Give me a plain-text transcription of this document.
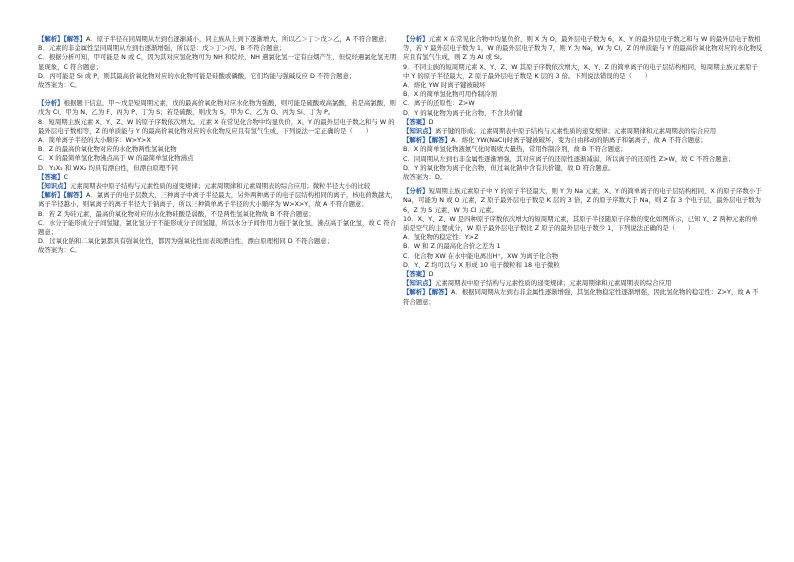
【解析】【解答】A．原子半径在同周期从左到右逐渐减小，同主族从上到下逐渐增大，所以乙＞丁＞戊＞乙，A 不符合题意；

B．元素的非金属性呈同周期从左到右逐渐增强，所以是：戊＞丁＞丙，B 不符合题意；

C．根据分析可知，甲可能是 N 或 C，因为其对应氢化物可为 NH 和烷烃，NH 遇氯化氢一定有白烟产生，但烷烃遇氯化氢无明显现象，C 符合题意；

D．丙可能是 Si 或 P，则其最高价氧化物对应的水化物可能是硅酸或磷酸，它们均能与强碱反应 D 不符合题意；

故答案为：C。

【分析】根据题干信息，甲～戊是短周期元素，戊的最高价氧化物对应水化物为强酸，则可能是硫酸或高氯酸，若是高氯酸，则戊为 Cl，甲为 N、乙为 F、丙为 P、丁为 S；若是硫酸，则戊为 S，甲为 C、乙为 O、丙为 Si、丁为 P。

8．短周期主族元素 X、Y、Z、W 的原子序数依次增大。元素 X 在常见化合物中均显负价，X、Y 的最外层电子数之和与 W 的最外层电子数相等，Z 的单质能与 Y 的最高价氧化物对应的水化物反应且有氢气生成，下列说法一定正确的是（　　）

A．简单离子半径的大小顺序：W>Y>X

B．Z 的最高价氧化物对应的水化物两性氢氧化物

C．X 的最简单氢化物沸点高于 W 的最简单氢化物沸点

D．Y₂X₂ 和 WX₂ 均具有漂白性，但漂白原理不同

【答案】C

【知识点】元素周期表中原子结构与元素性质的递变规律；元素周期律和元素周期表的综合应用；微粒半径大小的比较

【解析】【解答】A．氯离子的电子层数大，三种离子中离子半径最大，另外两种离子的电子层结构相同的离子，核电荷数越大，离子半径越小，则氧离子的离子半径大于钠离子，所以三种简单离子半径的大小顺序为 W>X>Y，故 A 不符合题意；

B．若 Z 为硅元素，最高价氧化物对应的水化物硅酸是弱酸，不是两性氢氧化物故 B 不符合题意；

C．水分子能形成分子间氢键，氯化氢分子不能形成分子间氢键，所以水分子间作用力强于氯化氢，沸点高于氯化氢，故 C 符合题意；

D．过氧化钠和二氧化氯都具有强氧化性，都因为强氧化性而表现漂白性，漂白原理相同 D 不符合题意；

故答案为：C。

【分析】元素 X 在常见化合物中均显负价，则 X 为 O，最外层电子数为 6，X、Y 的最外层电子数之和与 W 的最外层电子数相等，若 Y 最外层电子数为 1，W 的最外层电子数为 7，则 Y 为 Na，W 为 Cl，Z 的单质能与 Y 的最高价氧化物对应的水化物反应且有氢气生成，则 Z 为 Al 或 Si。

9．不同主族的短周期元素 X、Y、Z、W 其原子序数依次增大，X、Y、Z 的简单离子的电子层结构相同，短周期主族元素原子中 Y 的原子半径最大，Z 原子最外层电子数是 K 层的 3 倍。下列说法错误的是（　　）

A．熔化 YW 时离子键被破坏

B．X 的简单氢化物可用作制冷剂

C．离子的还原性：Z>W

D．Y 的氧化物为离子化合物，不含共价键

【答案】D

【知识点】离子键的形成；元素周期表中原子结构与元素性质的递变规律；元素周期律和元素周期表的综合应用

【解析】【解答】A．熔化 YW(NaCl)时离子键被破坏，变为自由移动的钠离子和氯离子，故 A 不符合题意；

B．X 的简单氢化物液氨气化时吸收大量热，常用作制冷剂，故 B 不符合题意；

C．同周期从左到右非金属性逐渐增强，其对应离子的还原性逐渐减弱，所以离子的还原性 Z>W，故 C 不符合题意；

D．Y 的氧化物为离子化合物，但过氧化钠中含有共价键，故 D 符合题意。

故答案为：D。

【分析】短周期主族元素原子中 Y 的原子半径最大，则 Y 为 Na 元素，X、Y 的简单离子的电子层结构相同，X 的原子序数小于 Na，可能为 N 或 O 元素，Z 原子最外层电子数是 K 层的 3 倍，Z 的原子序数大于 Na，则 Z 有 3 个电子层，最外层电子数为 6，Z 为 S 元素，W 为 Cl 元素。

10．X、Y、Z、W 是四种原子序数依次增大的短周期元素，其原子半径随原子序数的变化如图所示，已知 Y、Z 两种元素的单质是空气的主要成分，W 原子最外层电子数比 Z 原子的最外层电子数少 1，下列说法正确的是（　　）

A．氢化物的稳定性：Y>Z

B．W 和 Z 的最高化合价之差为 1

C．化合物 XW 在水中能电离出H⁺，XW 为离子化合物

D．Y、Z 均可以与 X 形成 10 电子微粒和 18 电子微粒

【答案】D

【知识点】元素周期表中原子结构与元素性质的递变规律；元素周期律和元素周期表的综合应用

【解析】【解答】A．根据同周期从左到右非金属性逐渐增强，其氢化物稳定性逐渐增强，因此氢化物的稳定性：Z>Y，故 A 不符合题意；
